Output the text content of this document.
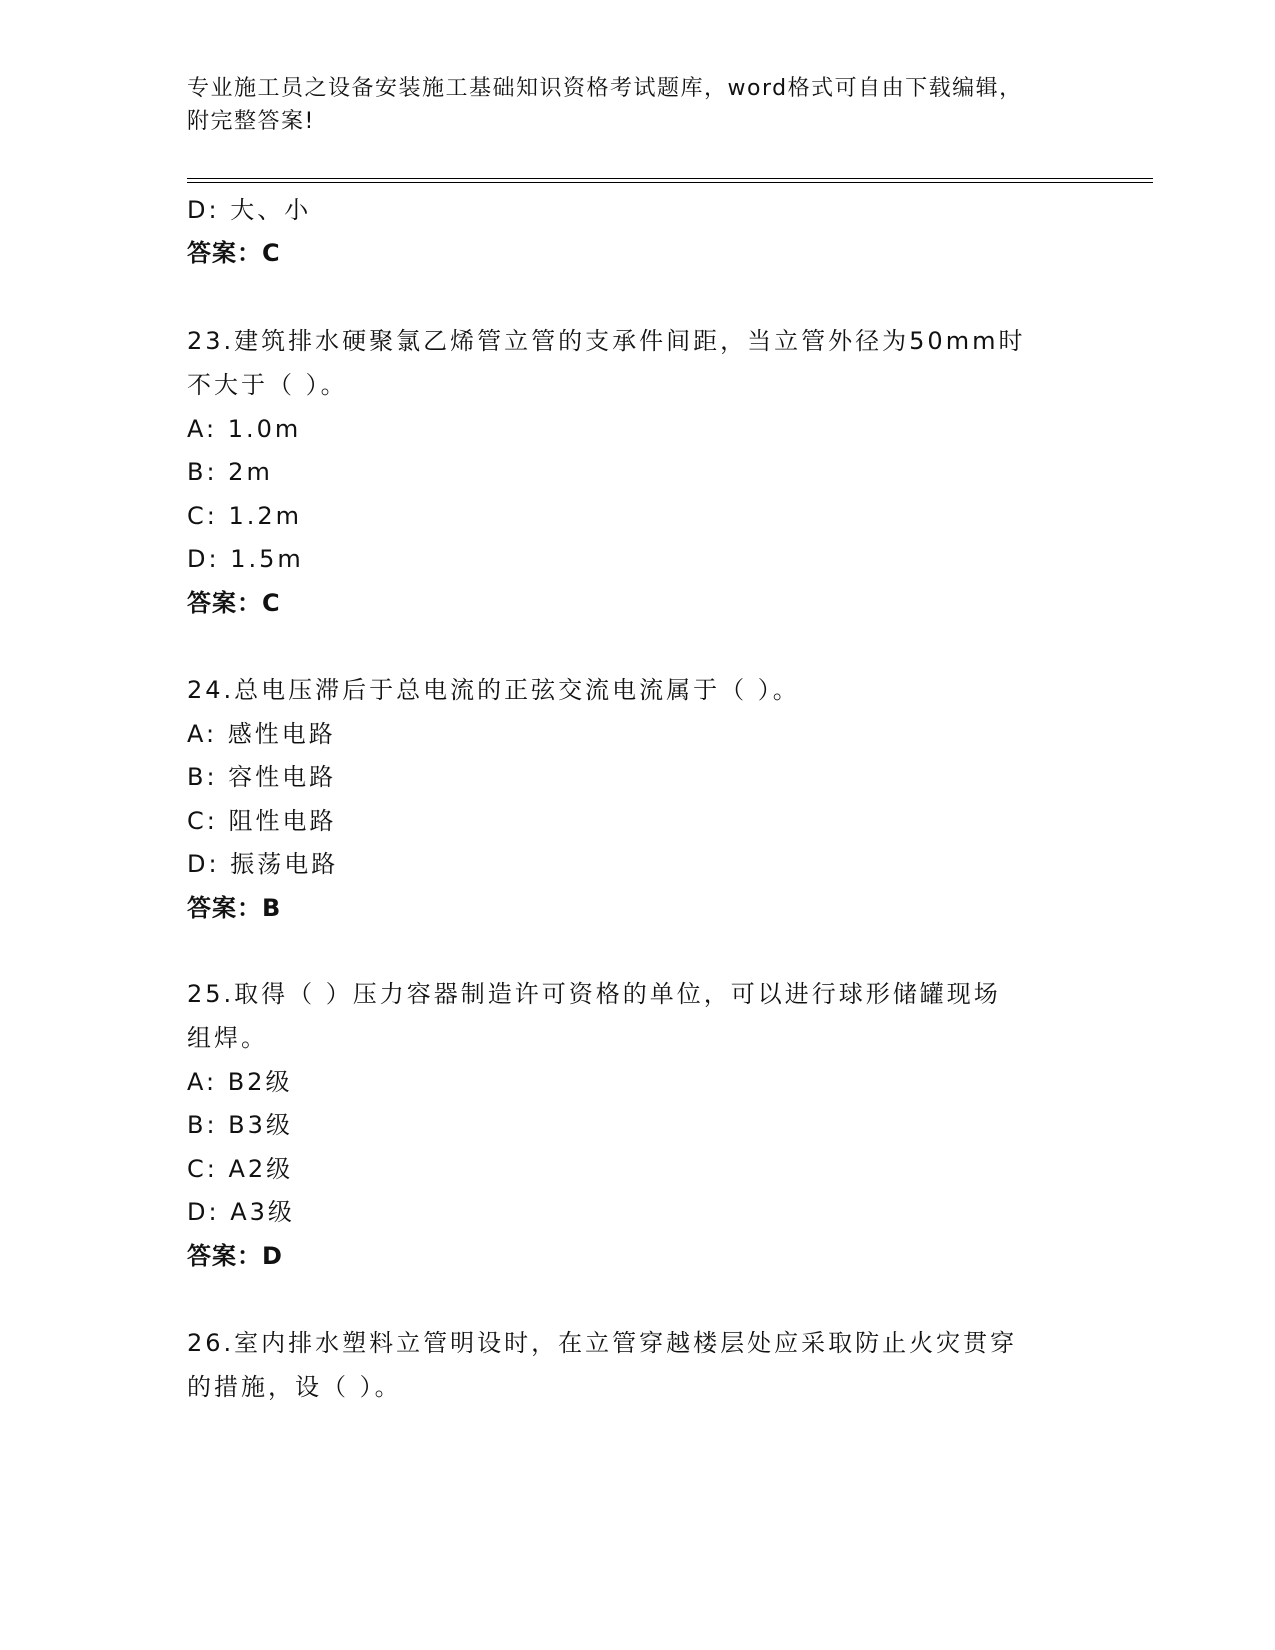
专业施工员之设备安装施工基础知识资格考试题库，word格式可自由下载编辑，
附完整答案!
D: 大、小
答案：C
23.建筑排水硬聚氯乙烯管立管的支承件间距，当立管外径为50mm时
不大于（ ）。
A: 1.0m
B: 2m
C: 1.2m
D: 1.5m
答案：C
24.总电压滞后于总电流的正弦交流电流属于（ ）。
A: 感性电路
B: 容性电路
C: 阻性电路
D: 振荡电路
答案：B
25.取得（ ）压力容器制造许可资格的单位，可以进行球形储罐现场
组焊。
A: B2级
B: B3级
C: A2级
D: A3级
答案：D
26.室内排水塑料立管明设时，在立管穿越楼层处应采取防止火灾贯穿
的措施，设（ ）。
